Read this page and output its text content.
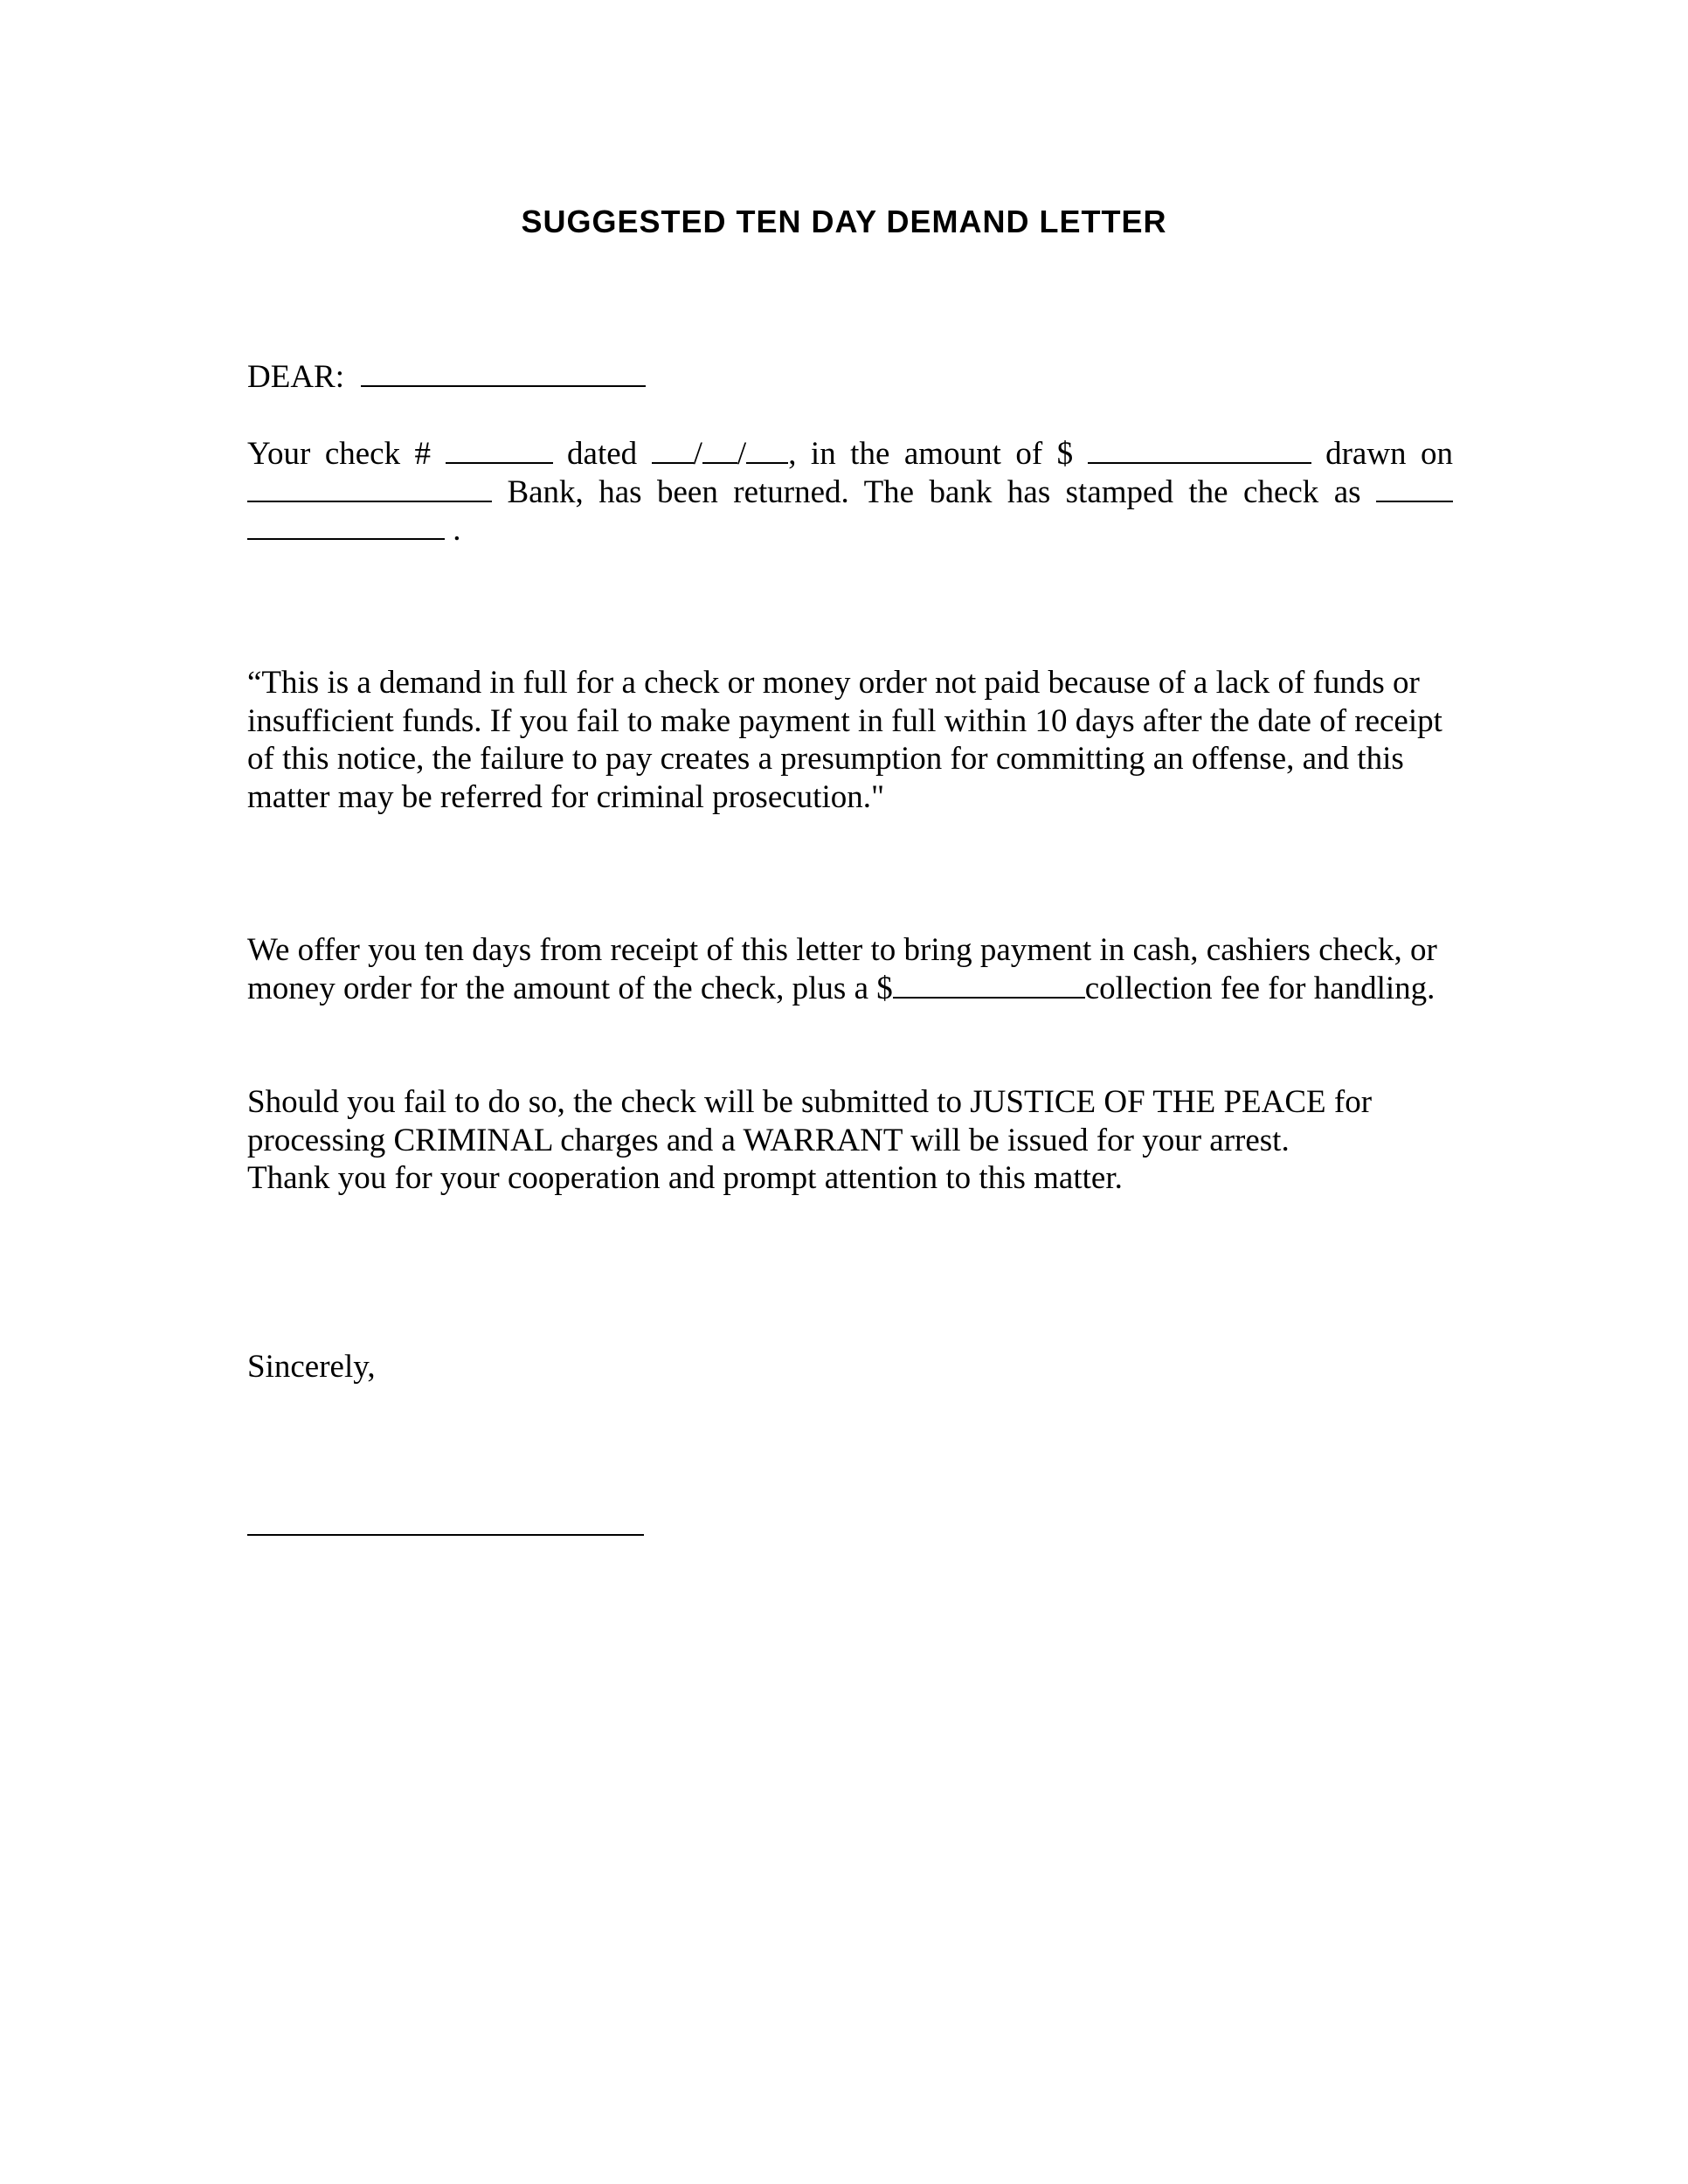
SUGGESTED TEN DAY DEMAND LETTER

DEAR:

Your check #	dated / / , in the amount of $	drawn on  Bank, has been returned. The bank has stamped the check as   .

“This is a demand in full for a check or money order not paid because of a lack of funds or insufficient funds. If you fail to make payment in full within 10 days after the date of receipt of this notice, the failure to pay creates a presumption for committing an offense, and this matter may be referred for criminal prosecution."

We offer you ten days from receipt of this letter to bring payment in cash, cashiers check, or money order for the amount of the check, plus a $	collection fee for handling.

Should you fail to do so, the check will be submitted to JUSTICE OF THE PEACE for processing CRIMINAL charges and a WARRANT will be issued for your arrest.

Thank you for your cooperation and prompt attention to this matter.

Sincerely,
